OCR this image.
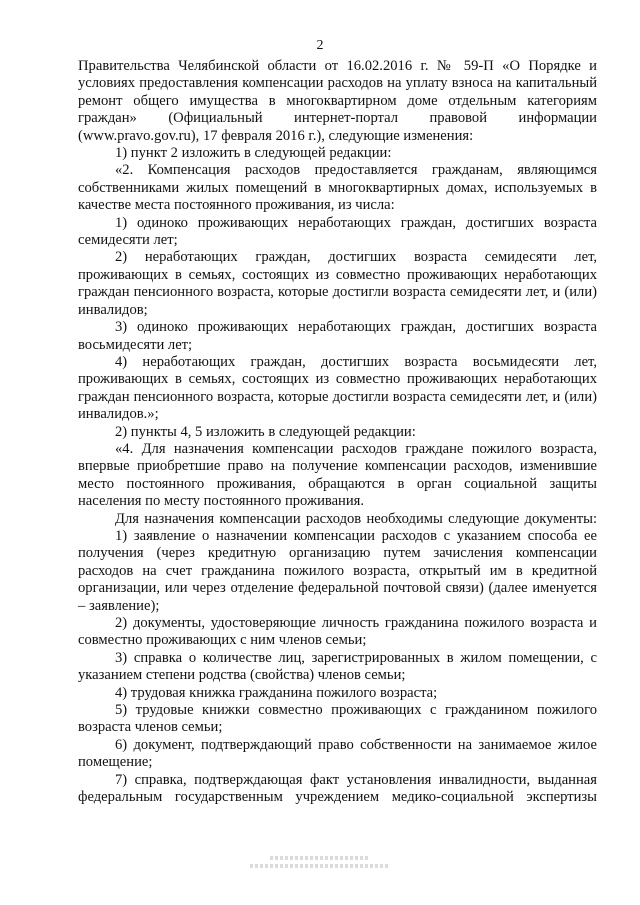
2

Правительства Челябинской области от 16.02.2016 г. № 59-П «О Порядке и условиях предоставления компенсации расходов на уплату взноса на капитальный ремонт общего имущества в многоквартирном доме отдельным категориям граждан» (Официальный интернет-портал правовой информации (www.pravo.gov.ru), 17 февраля 2016 г.), следующие изменения:

1) пункт 2 изложить в следующей редакции:

«2. Компенсация расходов предоставляется гражданам, являющимся собственниками жилых помещений в многоквартирных домах, используемых в качестве места постоянного проживания, из числа:

1) одиноко проживающих неработающих граждан, достигших возраста семидесяти лет;

2) неработающих граждан, достигших возраста семидесяти лет, проживающих в семьях, состоящих из совместно проживающих неработающих граждан пенсионного возраста, которые достигли возраста семидесяти лет, и (или) инвалидов;

3) одиноко проживающих неработающих граждан, достигших возраста восьмидесяти лет;

4) неработающих граждан, достигших возраста восьмидесяти лет, проживающих в семьях, состоящих из совместно проживающих неработающих граждан пенсионного возраста, которые достигли возраста семидесяти лет, и (или) инвалидов.»;

2) пункты 4, 5 изложить в следующей редакции:

«4. Для назначения компенсации расходов гражданe пожилого возраста, впервые приобретшие право на получение компенсации расходов, изменившие место постоянного проживания, обращаются в орган социальной защиты населения по месту постоянного проживания.

Для назначения компенсации расходов необходимы следующие документы:

1) заявление о назначении компенсации расходов с указанием способа ее получения (через кредитную организацию путем зачисления компенсации расходов на счет гражданина пожилого возраста, открытый им в кредитной организации, или через отделение федеральной почтовой связи) (далее именуется – заявление);

2) документы, удостоверяющие личность гражданина пожилого возраста и совместно проживающих с ним членов семьи;

3) справка о количестве лиц, зарегистрированных в жилом помещении, с указанием степени родства (свойства) членов семьи;

4) трудовая книжка гражданина пожилого возраста;

5) трудовые книжки совместно проживающих с гражданином пожилого возраста членов семьи;

6) документ, подтверждающий право собственности на занимаемое жилое помещение;

7) справка, подтверждающая факт установления инвалидности, выданная федеральным государственным учреждением медико-социальной экспертизы
